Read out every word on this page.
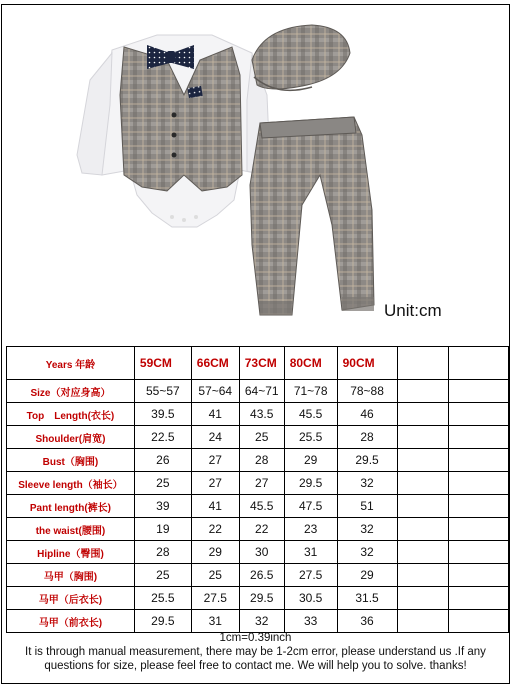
Unit:cm
Years 年龄	59CM	66CM	73CM	80CM	90CM		
Size（对应身高）	55~57	57~64	64~71	71~78	78~88		
Top　Length(衣长)	39.5	41	43.5	45.5	46		
Shoulder(肩宽)	22.5	24	25	25.5	28		
Bust（胸围)	26	27	28	29	29.5		
Sleeve length（袖长）	25	27	27	29.5	32		
Pant length(裤长)	39	41	45.5	47.5	51		
the waist(腰围)	19	22	22	23	32		
Hipline（臀围)	28	29	30	31	32		
马甲（胸围)	25	25	26.5	27.5	29		
马甲（后衣长)	25.5	27.5	29.5	30.5	31.5		
马甲（前衣长)	29.5	31	32	33	36		
1cm=0.39inch
It is through manual measurement, there may be 1-2cm error, please understand us .If any
questions for size, please feel free to contact me. We will help you to solve. thanks!
